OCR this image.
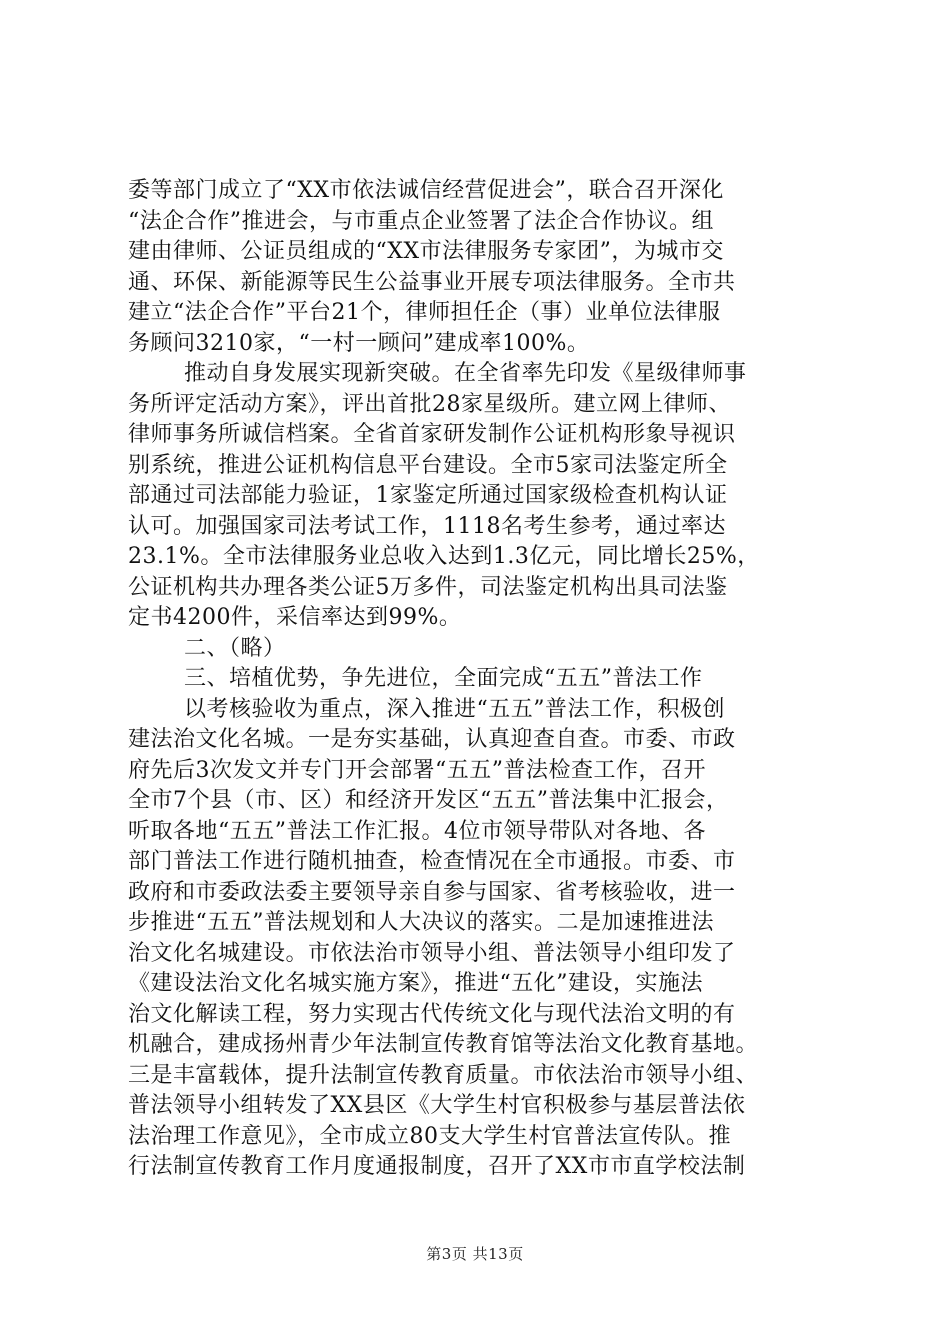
委等部门成立了“XX市依法诚信经营促进会”，联合召开深化
“法企合作”推进会，与市重点企业签署了法企合作协议。组
建由律师、公证员组成的“XX市法律服务专家团”，为城市交
通、环保、新能源等民生公益事业开展专项法律服务。全市共
建立“法企合作”平台21个，律师担任企（事）业单位法律服
务顾问3210家，“一村一顾问”建成率100%。
推动自身发展实现新突破。在全省率先印发《星级律师事
务所评定活动方案》，评出首批28家星级所。建立网上律师、
律师事务所诚信档案。全省首家研发制作公证机构形象导视识
别系统，推进公证机构信息平台建设。全市5家司法鉴定所全
部通过司法部能力验证，1家鉴定所通过国家级检查机构认证
认可。加强国家司法考试工作，1118名考生参考，通过率达
23.1%。全市法律服务业总收入达到1.3亿元，同比增长25%，
公证机构共办理各类公证5万多件，司法鉴定机构出具司法鉴
定书4200件，采信率达到99%。
二、（略）
三、培植优势，争先进位，全面完成“五五”普法工作
以考核验收为重点，深入推进“五五”普法工作，积极创
建法治文化名城。一是夯实基础，认真迎查自查。市委、市政
府先后3次发文并专门开会部署“五五”普法检查工作，召开
全市7个县（市、区）和经济开发区“五五”普法集中汇报会，
听取各地“五五”普法工作汇报。4位市领导带队对各地、各
部门普法工作进行随机抽查，检查情况在全市通报。市委、市
政府和市委政法委主要领导亲自参与国家、省考核验收，进一
步推进“五五”普法规划和人大决议的落实。二是加速推进法
治文化名城建设。市依法治市领导小组、普法领导小组印发了
《建设法治文化名城实施方案》，推进“五化”建设，实施法
治文化解读工程，努力实现古代传统文化与现代法治文明的有
机融合，建成扬州青少年法制宣传教育馆等法治文化教育基地。
三是丰富载体，提升法制宣传教育质量。市依法治市领导小组、
普法领导小组转发了XX县区《大学生村官积极参与基层普法依
法治理工作意见》，全市成立80支大学生村官普法宣传队。推
行法制宣传教育工作月度通报制度，召开了XX市市直学校法制
第3页 共13页
